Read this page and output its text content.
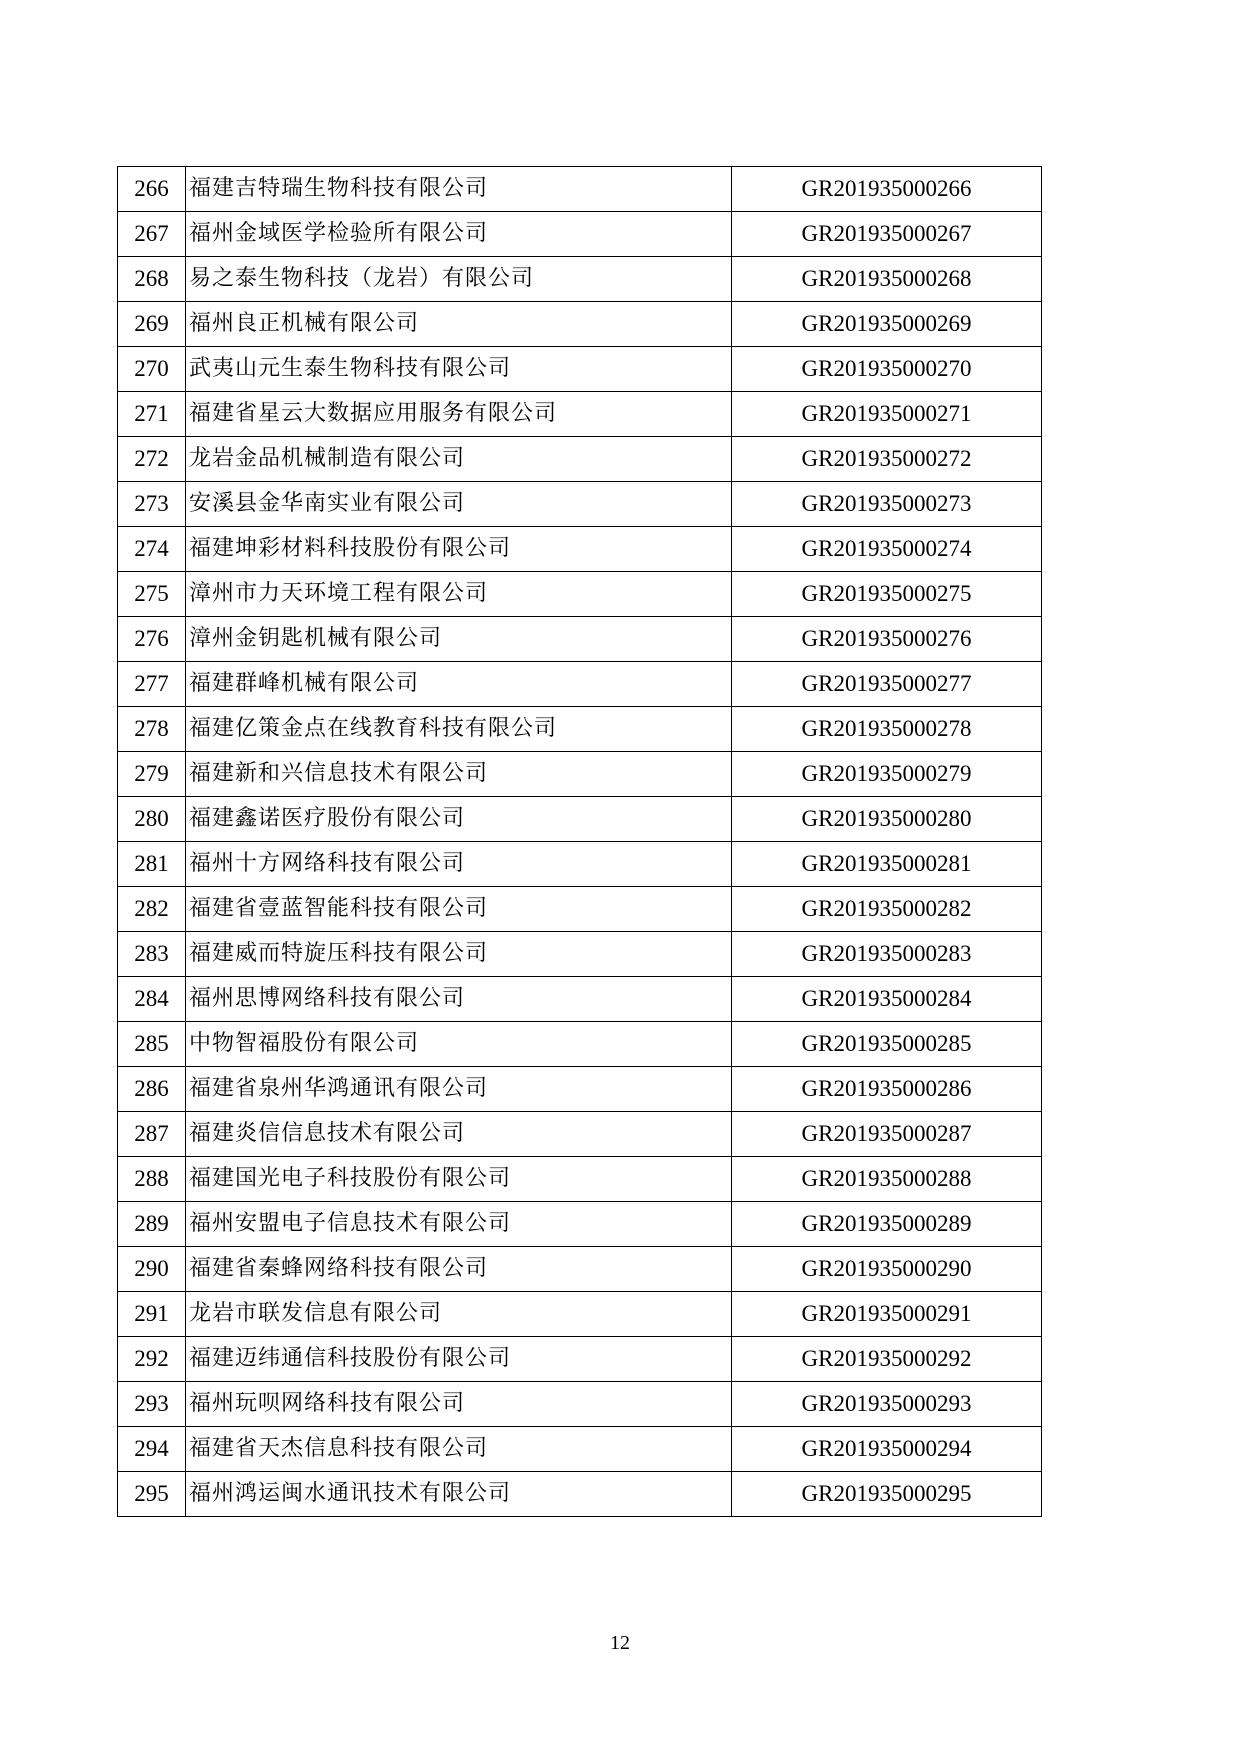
266	福建吉特瑞生物科技有限公司	GR201935000266
267	福州金域医学检验所有限公司	GR201935000267
268	易之泰生物科技（龙岩）有限公司	GR201935000268
269	福州良正机械有限公司	GR201935000269
270	武夷山元生泰生物科技有限公司	GR201935000270
271	福建省星云大数据应用服务有限公司	GR201935000271
272	龙岩金品机械制造有限公司	GR201935000272
273	安溪县金华南实业有限公司	GR201935000273
274	福建坤彩材料科技股份有限公司	GR201935000274
275	漳州市力天环境工程有限公司	GR201935000275
276	漳州金钥匙机械有限公司	GR201935000276
277	福建群峰机械有限公司	GR201935000277
278	福建亿策金点在线教育科技有限公司	GR201935000278
279	福建新和兴信息技术有限公司	GR201935000279
280	福建鑫诺医疗股份有限公司	GR201935000280
281	福州十方网络科技有限公司	GR201935000281
282	福建省壹蓝智能科技有限公司	GR201935000282
283	福建威而特旋压科技有限公司	GR201935000283
284	福州思博网络科技有限公司	GR201935000284
285	中物智福股份有限公司	GR201935000285
286	福建省泉州华鸿通讯有限公司	GR201935000286
287	福建炎信信息技术有限公司	GR201935000287
288	福建国光电子科技股份有限公司	GR201935000288
289	福州安盟电子信息技术有限公司	GR201935000289
290	福建省秦蜂网络科技有限公司	GR201935000290
291	龙岩市联发信息有限公司	GR201935000291
292	福建迈纬通信科技股份有限公司	GR201935000292
293	福州玩呗网络科技有限公司	GR201935000293
294	福建省天杰信息科技有限公司	GR201935000294
295	福州鸿运闽水通讯技术有限公司	GR201935000295
12
